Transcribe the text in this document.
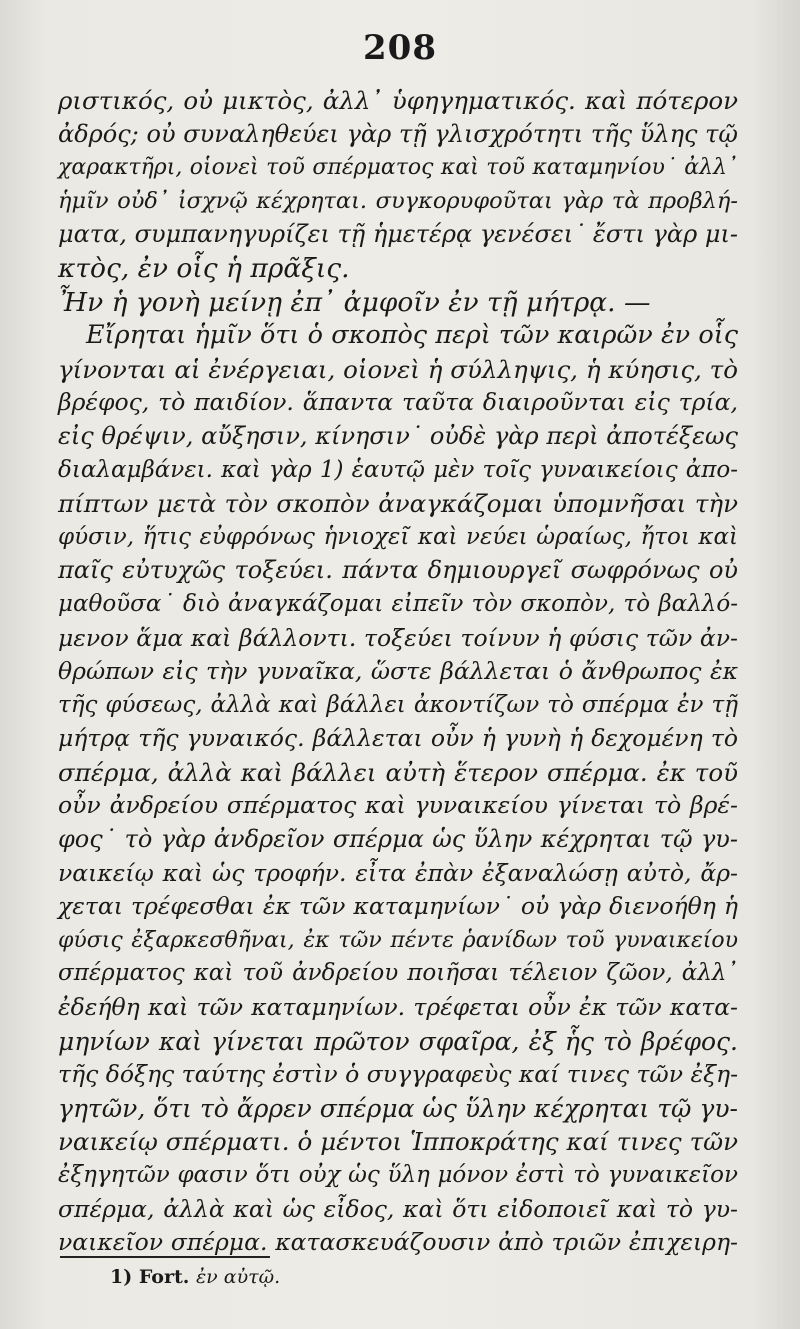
208
ριστικός, οὐ μικτὸς, ἀλλ᾽ ὑφηγηματικός. καὶ πότερον
ἀδρός; οὐ συναληθεύει γὰρ τῇ γλισχρότητι τῆς ὕλης τῷ
χαρακτῆρι, οἱονεὶ τοῦ σπέρματος καὶ τοῦ καταμηνίου˙ ἀλλ᾽
ἡμῖν οὐδ᾽ ἰσχνῷ κέχρηται. συγκορυφοῦται γὰρ τὰ προβλή-
ματα, συμπανηγυρίζει τῇ ἡμετέρᾳ γενέσει˙ ἔστι γὰρ μι-
κτὸς, ἐν οἷς ἡ πρᾶξις.
Ἦν ἡ γονὴ μείνῃ ἐπ᾽ ἀμφοῖν ἐν τῇ μήτρᾳ. —
Εἴρηται ἡμῖν ὅτι ὁ σκοπὸς περὶ τῶν καιρῶν ἐν οἷς
γίνονται αἱ ἐνέργειαι, οἱονεὶ ἡ σύλληψις, ἡ κύησις, τὸ
βρέφος, τὸ παιδίον. ἅπαντα ταῦτα διαιροῦνται εἰς τρία,
εἰς θρέψιν, αὔξησιν, κίνησιν˙ οὐδὲ γὰρ περὶ ἀποτέξεως
διαλαμβάνει. καὶ γὰρ 1) ἑαυτῷ μὲν τοῖς γυναικείοις ἀπο-
πίπτων μετὰ τὸν σκοπὸν ἀναγκάζομαι ὑπομνῆσαι τὴν
φύσιν, ἥτις εὐφρόνως ἡνιοχεῖ καὶ νεύει ὡραίως, ἤτοι καὶ
παῖς εὐτυχῶς τοξεύει. πάντα δημιουργεῖ σωφρόνως οὐ
μαθοῦσα˙ διὸ ἀναγκάζομαι εἰπεῖν τὸν σκοπὸν, τὸ βαλλό-
μενον ἅμα καὶ βάλλοντι. τοξεύει τοίνυν ἡ φύσις τῶν ἀν-
θρώπων εἰς τὴν γυναῖκα, ὥστε βάλλεται ὁ ἄνθρωπος ἐκ
τῆς φύσεως, ἀλλὰ καὶ βάλλει ἀκοντίζων τὸ σπέρμα ἐν τῇ
μήτρᾳ τῆς γυναικός. βάλλεται οὖν ἡ γυνὴ ἡ δεχομένη τὸ
σπέρμα, ἀλλὰ καὶ βάλλει αὐτὴ ἕτερον σπέρμα. ἐκ τοῦ
οὖν ἀνδρείου σπέρματος καὶ γυναικείου γίνεται τὸ βρέ-
φος˙ τὸ γὰρ ἀνδρεῖον σπέρμα ὡς ὕλην κέχρηται τῷ γυ-
ναικείῳ καὶ ὡς τροφήν. εἶτα ἐπὰν ἐξαναλώσῃ αὐτὸ, ἄρ-
χεται τρέφεσθαι ἐκ τῶν καταμηνίων˙ οὐ γὰρ διενοήθη ἡ
φύσις ἐξαρκεσθῆναι, ἐκ τῶν πέντε ῥανίδων τοῦ γυναικείου
σπέρματος καὶ τοῦ ἀνδρείου ποιῆσαι τέλειον ζῶον, ἀλλ᾽
ἐδεήθη καὶ τῶν καταμηνίων. τρέφεται οὖν ἐκ τῶν κατα-
μηνίων καὶ γίνεται πρῶτον σφαῖρα, ἐξ ἧς τὸ βρέφος.
τῆς δόξης ταύτης ἐστὶν ὁ συγγραφεὺς καί τινες τῶν ἐξη-
γητῶν, ὅτι τὸ ἄρρεν σπέρμα ὡς ὕλην κέχρηται τῷ γυ-
ναικείῳ σπέρματι. ὁ μέντοι Ἱπποκράτης καί τινες τῶν
ἐξηγητῶν φασιν ὅτι οὐχ ὡς ὕλη μόνον ἐστὶ τὸ γυναικεῖον
σπέρμα, ἀλλὰ καὶ ὡς εἶδος, καὶ ὅτι εἰδοποιεῖ καὶ τὸ γυ-
ναικεῖον σπέρμα. κατασκευάζουσιν ἀπὸ τριῶν ἐπιχειρη-
1) Fort. ἐν αὐτῷ.
